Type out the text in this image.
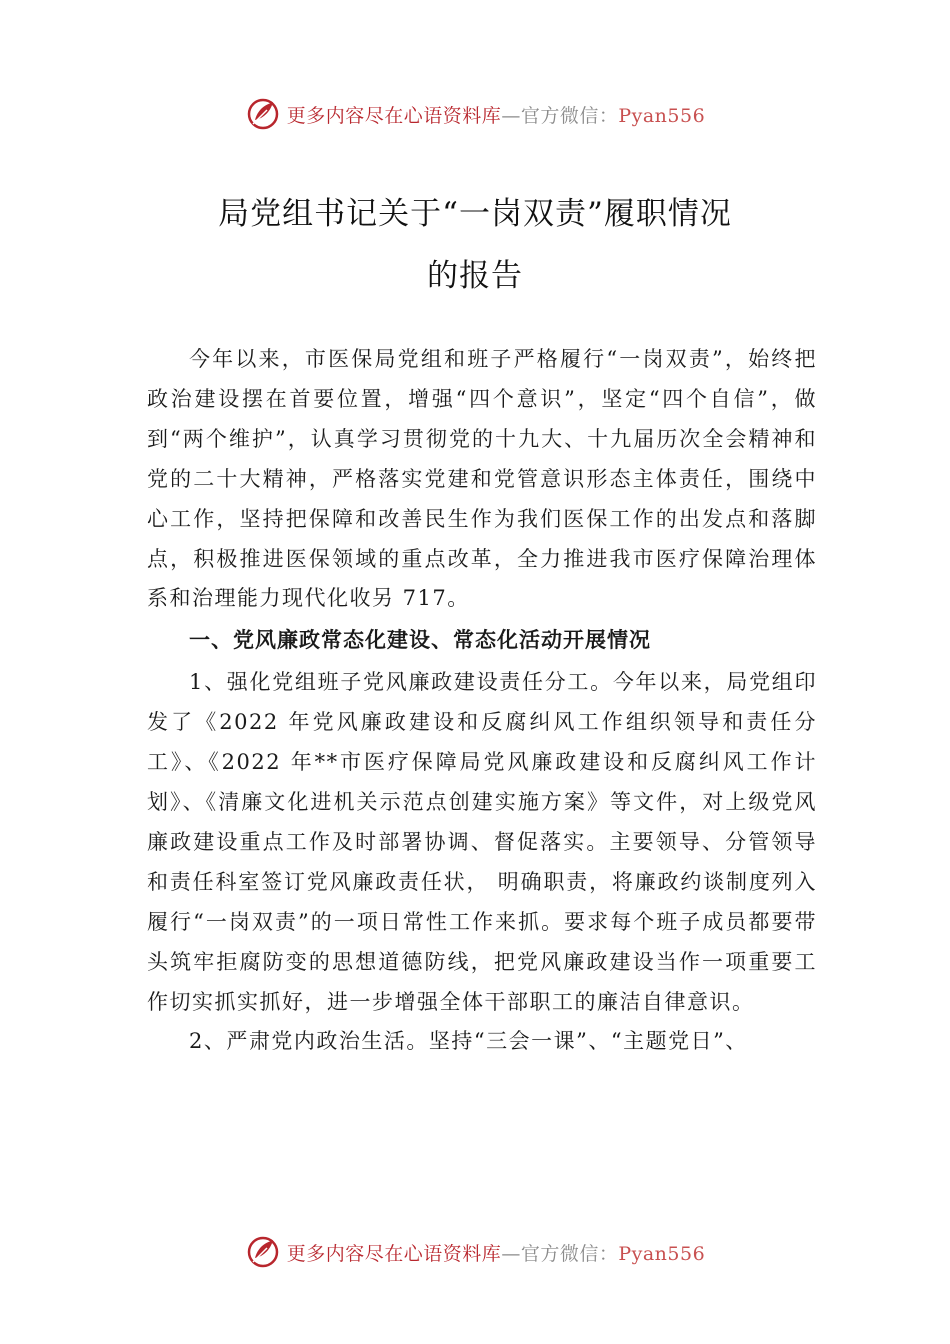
更多内容尽在心语资料库—官方微信：Pyan556
局党组书记关于“一岗双责”履职情况
的报告

今年以来，市医保局党组和班子严格履行“一岗双责”，始终把政治建设摆在首要位置，增强“四个意识”，坚定“四个自信”，做到“两个维护”，认真学习贯彻党的十九大、十九届历次全会精神和党的二十大精神，严格落实党建和党管意识形态主体责任，围绕中心工作，坚持把保障和改善民生作为我们医保工作的出发点和落脚点，积极推进医保领域的重点改革，全力推进我市医疗保障治理体系和治理能力现代化收另 717。

一、党风廉政常态化建设、常态化活动开展情况

1、强化党组班子党风廉政建设责任分工。今年以来，局党组印发了《2022 年党风廉政建设和反腐纠风工作组织领导和责任分工》、《2022 年**市医疗保障局党风廉政建设和反腐纠风工作计划》、《清廉文化进机关示范点创建实施方案》等文件，对上级党风廉政建设重点工作及时部署协调、督促落实。主要领导、分管领导和责任科室签订党风廉政责任状， 明确职责，将廉政约谈制度列入履行“一岗双责”的一项日常性工作来抓。要求每个班子成员都要带头筑牢拒腐防变的思想道德防线，把党风廉政建设当作一项重要工作切实抓实抓好，进一步增强全体干部职工的廉洁自律意识。

2、严肃党内政治生活。坚持“三会一课”、“主题党日”、

更多内容尽在心语资料库—官方微信：Pyan556
